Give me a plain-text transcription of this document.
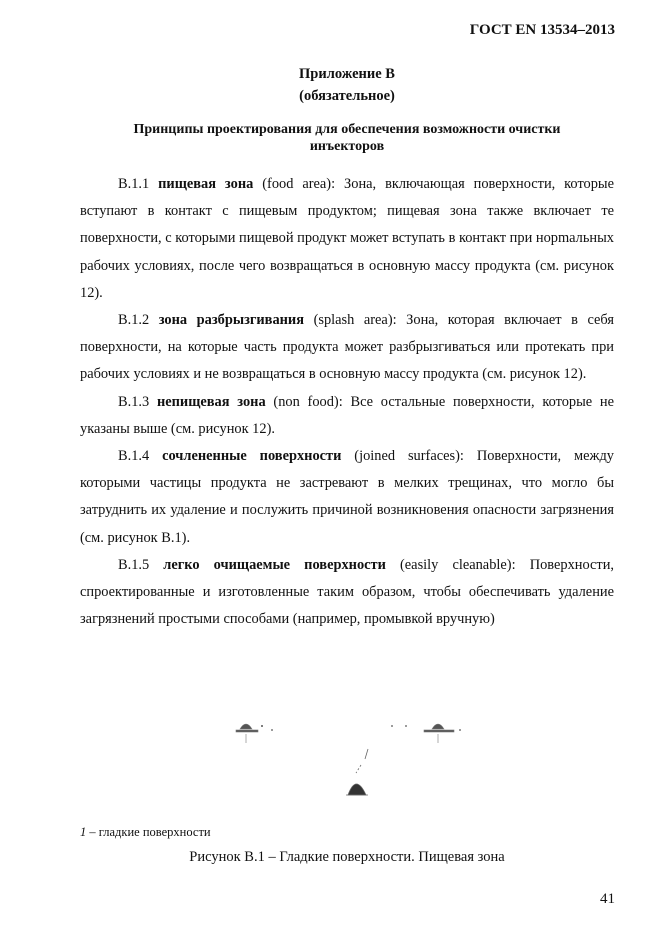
ГОСТ EN 13534–2013
Приложение В
(обязательное)
Принципы проектирования для обеспечения возможности очистки инъекторов

В.1.1 пищевая зона (food area): Зона, включающая поверхности, которые вступают в контакт с пищевым продуктом; пищевая зона также включает те поверхности, с которыми пищевой продукт может вступать в контакт при норmальных рабочих условиях, после чего возвращаться в основную массу продукта (см. рисунок 12).

В.1.2 зона разбрызгивания (splash area): Зона, которая включает в себя поверхности, на которые часть продукта может разбрызгиваться или протекать при рабочих условиях и не возвращаться в основную массу продукта (см. рисунок 12).

В.1.3 непищевая зона (non food): Все остальные поверхности, которые не указаны выше (см. рисунок 12).

В.1.4 сочлененные поверхности (joined surfaces): Поверхности, между которыми частицы продукта не застревают в мелких трещинах, что могло бы затруднить их удаление и послужить причиной возникновения опасности загрязнения (см. рисунок В.1).

В.1.5 легко очищаемые поверхности (easily cleanable): Поверхности, спроектированные и изготовленные таким образом, чтобы обеспечивать удаление загрязнений простыми способами (например, промывкой вручную)

1 – гладкие поверхности
Рисунок В.1 – Гладкие поверхности. Пищевая зона
41
